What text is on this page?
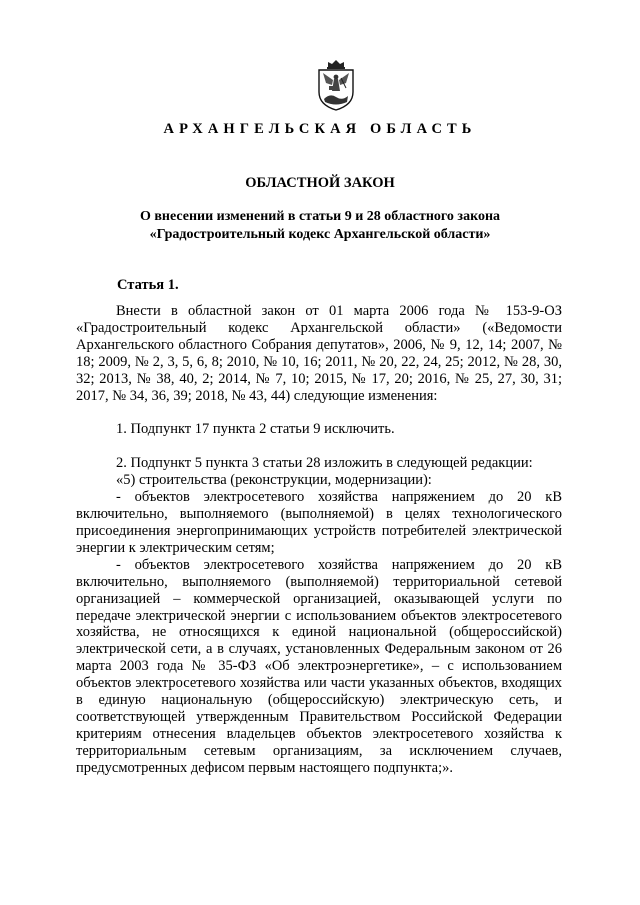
АРХАНГЕЛЬСКАЯ ОБЛАСТЬ
ОБЛАСТНОЙ ЗАКОН
О внесении изменений в статьи 9 и 28 областного закона
«Градостроительный кодекс Архангельской области»
Статья 1.

Внести в областной закон от 01 марта 2006 года № 153-9-ОЗ «Градостроительный кодекс Архангельской области» («Ведомости Архангельского областного Собрания депутатов», 2006, № 9, 12, 14; 2007, № 18; 2009, № 2, 3, 5, 6, 8; 2010, № 10, 16; 2011, № 20, 22, 24, 25; 2012, № 28, 30, 32; 2013, № 38, 40, 2; 2014, № 7, 10; 2015, № 17, 20; 2016, № 25, 27, 30, 31; 2017, № 34, 36, 39; 2018, № 43, 44) следующие изменения:

1. Подпункт 17 пункта 2 статьи 9 исключить.

2. Подпункт 5 пункта 3 статьи 28 изложить в следующей редакции:

«5) строительства (реконструкции, модернизации):

- объектов электросетевого хозяйства напряжением до 20 кВ включительно, выполняемого (выполняемой) в целях технологического присоединения энергопринимающих устройств потребителей электрической энергии к электрическим сетям;

- объектов электросетевого хозяйства напряжением до 20 кВ включительно, выполняемого (выполняемой) территориальной сетевой организацией – коммерческой организацией, оказывающей услуги по передаче электрической энергии с использованием объектов электросетевого хозяйства, не относящихся к единой национальной (общероссийской) электрической сети, а в случаях, установленных Федеральным законом от 26 марта 2003 года № 35-ФЗ «Об электроэнергетике», – с использованием объектов электросетевого хозяйства или части указанных объектов, входящих в единую национальную (общероссийскую) электрическую сеть, и соответствующей утвержденным Правительством Российской Федерации критериям отнесения владельцев объектов электросетевого хозяйства к территориальным сетевым организациям, за исключением случаев, предусмотренных дефисом первым настоящего подпункта;».
